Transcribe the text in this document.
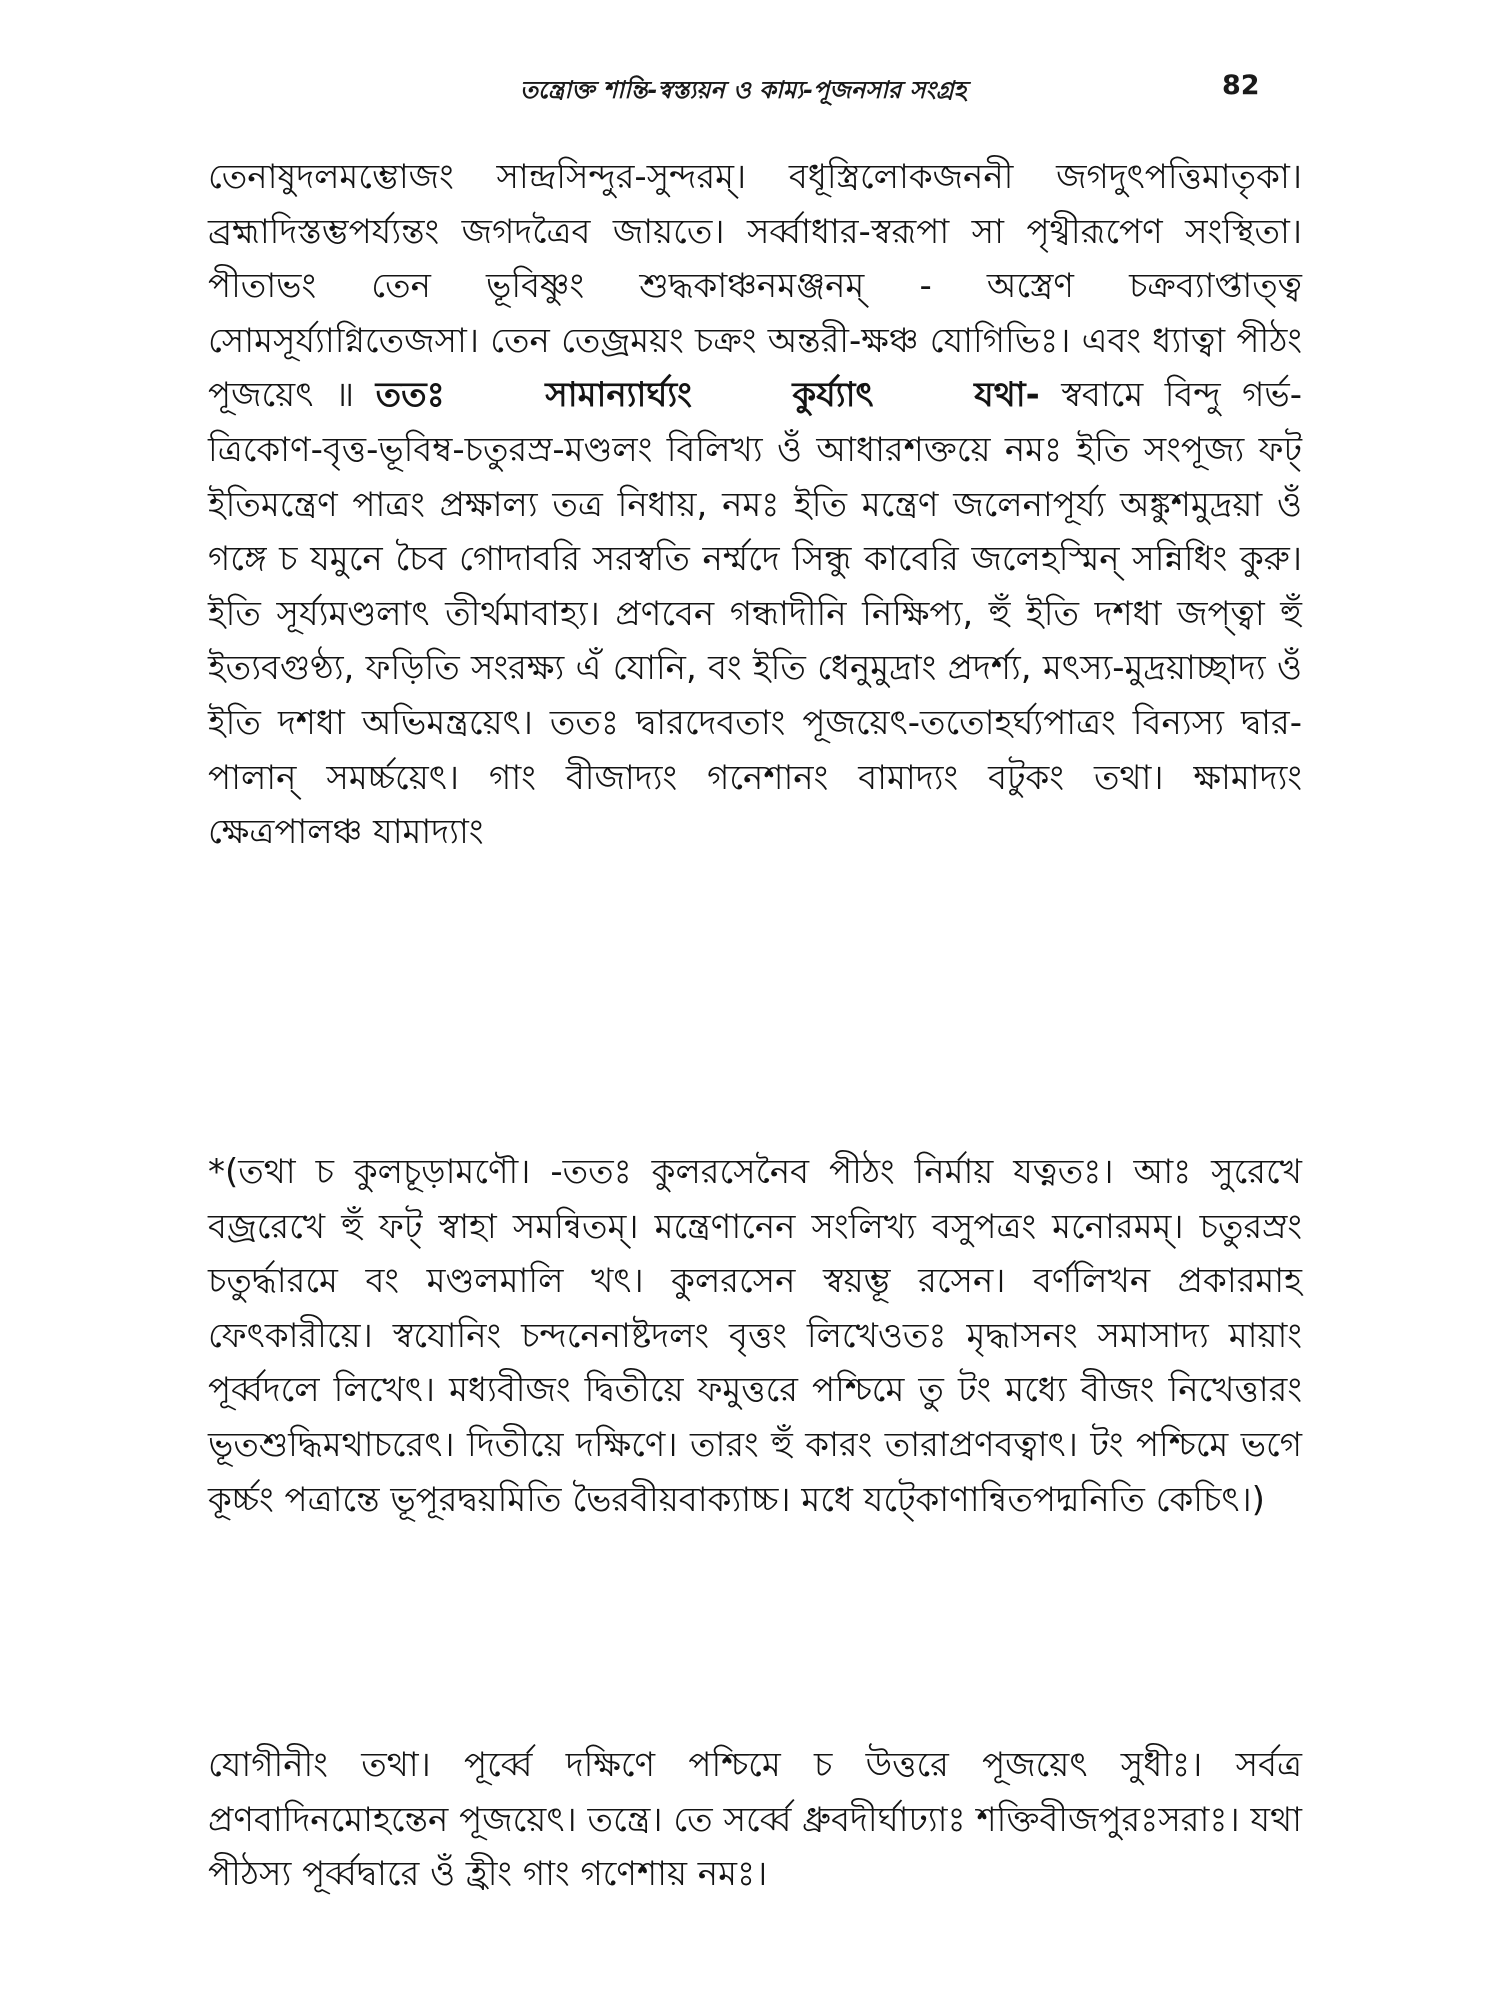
তন্ত্রোক্ত শান্তি-স্বস্ত্যয়ন ও কাম্য-পূজনসার সংগ্রহ	82
তেনাষুদলমম্ভোজং সান্দ্রসিন্দুর-সুন্দরম্। বধূস্ত্রিলোকজননী জগদুৎপত্তিমাতৃকা। ব্রহ্মাদিস্তম্ভপর্য্যন্তং জগদত্রৈব জায়তে। সর্ব্বাধার-স্বরূপা সা পৃথ্বীরূপেণ সংস্থিতা। পীতাভং তেন ভূবিষ্ণুং শুদ্ধকাঞ্চনমঞ্জনম্ - অস্ত্রেণ চক্রব্যাপ্তাত্ত্ব সোমসূর্য্যাগ্নিতেজসা। তেন তেজ্রময়ং চক্রং অন্তরী-ক্ষঞ্চ যোগিভিঃ। এবং ধ্যাত্বা পীঠং পূজয়েৎ ॥ ততঃ সামান্যার্ঘ্যং কুর্য্যাৎ যথা- স্ববামে বিন্দু গর্ভ-ত্রিকোণ-বৃত্ত-ভূবিম্ব-চতুরস্র-মণ্ডলং বিলিখ্য ওঁ আধারশক্তয়ে নমঃ ইতি সংপূজ্য ফট্ ইতিমন্ত্রেণ পাত্রং প্রক্ষাল্য তত্র নিধায়, নমঃ ইতি মন্ত্রেণ জলেনাপূর্য্য অঙ্কুশমুদ্রয়া ওঁ গঙ্গে চ যমুনে চৈব গোদাবরি সরস্বতি নর্ম্মদে সিন্ধু কাবেরি জলেহস্মিন্ সন্নিধিং কুরু। ইতি সূর্য্যমণ্ডলাৎ তীর্থমাবাহ্য। প্রণবেন গন্ধাদীনি নিক্ষিপ্য, হুঁ ইতি দশধা জপ্ত্বা হুঁ ইত্যবগুণ্ঠ্য, ফড়িতি সংরক্ষ্য এঁ যোনি, বং ইতি ধেনুমুদ্রাং প্রদর্শ্য, মৎস্য-মুদ্রয়াচ্ছাদ্য ওঁ ইতি দশধা অভিমন্ত্রয়েৎ। ততঃ দ্বারদেবতাং পূজয়েৎ-ততোহর্ঘ্যপাত্রং বিন্যস্য দ্বার-পালান্ সমর্চ্চয়েৎ। গাং বীজাদ্যং গনেশানং বামাদ্যং বটুকং তথা। ক্ষামাদ্যং ক্ষেত্রপালঞ্চ যামাদ্যাং
*(তথা চ কুলচূড়ামণৌ। -ততঃ কুলরসেনৈব পীঠং নির্মায় যত্নতঃ। আঃ সুরেখে বজ্ররেখে হুঁ ফট্ স্বাহা সমন্বিতম্। মন্ত্রেণানেন সংলিখ্য বসুপত্রং মনোরমম্। চতুরস্রং চতুর্দ্ধারমে বং মণ্ডলমালি খৎ। কুলরসেন স্বয়ম্ভূ রসেন। বর্ণলিখন প্রকারমাহ ফেৎকারীয়ে। স্বযোনিং চন্দনেনাষ্টদলং বৃত্তং লিখেওতঃ মৃদ্ধাসনং সমাসাদ্য মায়াং পূর্ব্বদলে লিখেৎ। মধ্যবীজং দ্বিতীয়ে ফমুত্তরে পশ্চিমে তু টং মধ্যে বীজং নিখেত্তারং ভূতশুদ্ধিমথাচরেৎ। দিতীয়ে দক্ষিণে। তারং হুঁ কারং তারাপ্রণবত্বাৎ। টং পশ্চিমে ভগে কূর্চ্চং পত্রান্তে ভূপূরদ্বয়মিতি ভৈরবীয়বাক্যাচ্চ। মধে যট্কোণান্বিতপদ্মনিতি কেচিৎ।)
যোগীনীং তথা। পূর্ব্বে দক্ষিণে পশ্চিমে চ উত্তরে পূজয়েৎ সুধীঃ। সর্বত্র প্রণবাদিনমোহন্তেন পূজয়েৎ। তন্ত্রে। তে সর্ব্বে ধ্রুবদীর্ঘাঢ্যাঃ শক্তিবীজপুরঃসরাঃ। যথা পীঠস্য পূর্ব্বদ্বারে ওঁ হ্রীং গাং গণেশায় নমঃ।
